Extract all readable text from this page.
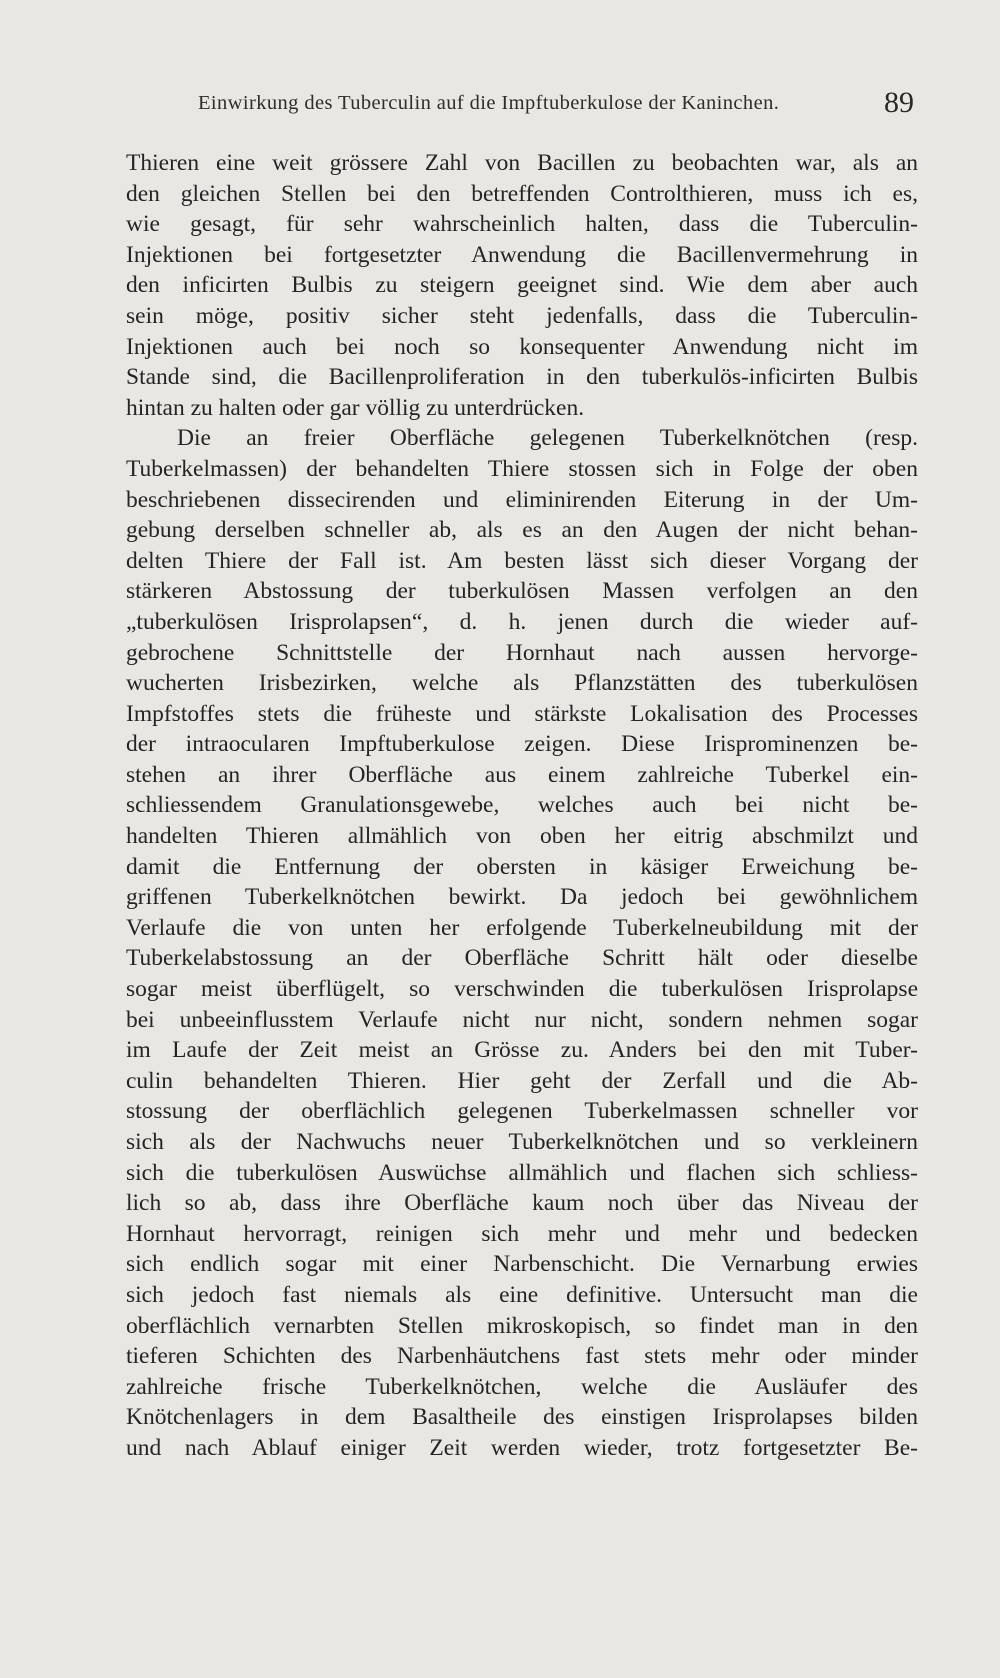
Einwirkung des Tuberculin auf die Impftuberkulose der Kaninchen.	89
Thieren eine weit grössere Zahl von Bacillen zu beobachten war, als an
den gleichen Stellen bei den betreffenden Controlthieren, muss ich es,
wie gesagt, für sehr wahrscheinlich halten, dass die Tuberculin-
Injektionen bei fortgesetzter Anwendung die Bacillenvermehrung in
den inficirten Bulbis zu steigern geeignet sind. Wie dem aber auch
sein möge, positiv sicher steht jedenfalls, dass die Tuberculin-
Injektionen auch bei noch so konsequenter Anwendung nicht im
Stande sind, die Bacillenproliferation in den tuberkulös-inficirten Bulbis
hintan zu halten oder gar völlig zu unterdrücken.
Die an freier Oberfläche gelegenen Tuberkelknötchen (resp.
Tuberkelmassen) der behandelten Thiere stossen sich in Folge der oben
beschriebenen dissecirenden und eliminirenden Eiterung in der Um-
gebung derselben schneller ab, als es an den Augen der nicht behan-
delten Thiere der Fall ist. Am besten lässt sich dieser Vorgang der
stärkeren Abstossung der tuberkulösen Massen verfolgen an den
„tuberkulösen Irisprolapsen“, d. h. jenen durch die wieder auf-
gebrochene Schnittstelle der Hornhaut nach aussen hervorge-
wucherten Irisbezirken, welche als Pflanzstätten des tuberkulösen
Impfstoffes stets die früheste und stärkste Lokalisation des Processes
der intraocularen Impftuberkulose zeigen. Diese Irisprominenzen be-
stehen an ihrer Oberfläche aus einem zahlreiche Tuberkel ein-
schliessendem Granulationsgewebe, welches auch bei nicht be-
handelten Thieren allmählich von oben her eitrig abschmilzt und
damit die Entfernung der obersten in käsiger Erweichung be-
griffenen Tuberkelknötchen bewirkt. Da jedoch bei gewöhnlichem
Verlaufe die von unten her erfolgende Tuberkelneubildung mit der
Tuberkelabstossung an der Oberfläche Schritt hält oder dieselbe
sogar meist überflügelt, so verschwinden die tuberkulösen Irisprolapse
bei unbeeinflusstem Verlaufe nicht nur nicht, sondern nehmen sogar
im Laufe der Zeit meist an Grösse zu. Anders bei den mit Tuber-
culin behandelten Thieren. Hier geht der Zerfall und die Ab-
stossung der oberflächlich gelegenen Tuberkelmassen schneller vor
sich als der Nachwuchs neuer Tuberkelknötchen und so verkleinern
sich die tuberkulösen Auswüchse allmählich und flachen sich schliess-
lich so ab, dass ihre Oberfläche kaum noch über das Niveau der
Hornhaut hervorragt, reinigen sich mehr und mehr und bedecken
sich endlich sogar mit einer Narbenschicht. Die Vernarbung erwies
sich jedoch fast niemals als eine definitive. Untersucht man die
oberflächlich vernarbten Stellen mikroskopisch, so findet man in den
tieferen Schichten des Narbenhäutchens fast stets mehr oder minder
zahlreiche frische Tuberkelknötchen, welche die Ausläufer des
Knötchenlagers in dem Basaltheile des einstigen Irisprolapses bilden
und nach Ablauf einiger Zeit werden wieder, trotz fortgesetzter Be-
